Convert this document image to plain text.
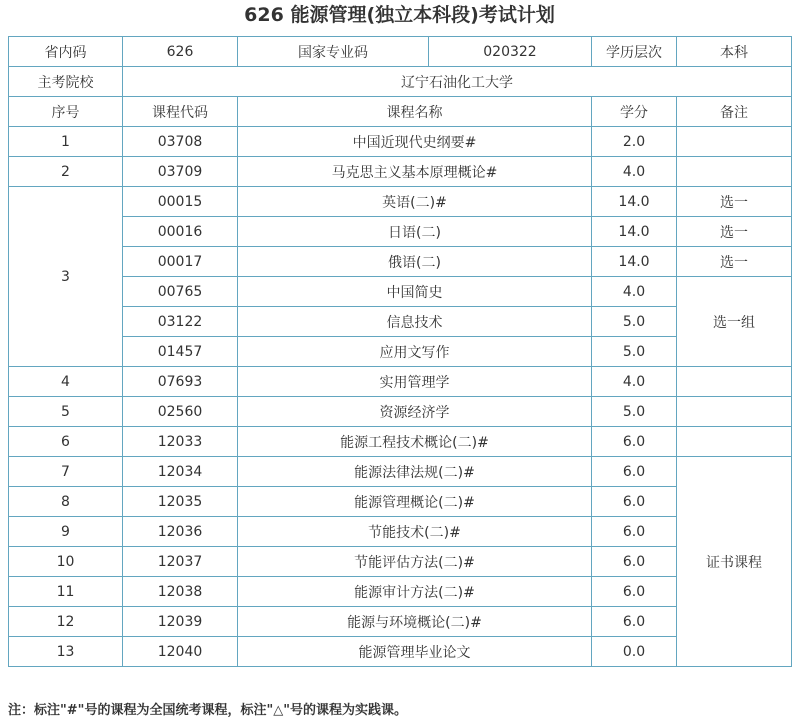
626 能源管理(独立本科段)考试计划
省内码	626	国家专业码	020322	学历层次	本科
主考院校	辽宁石油化工大学				
序号	课程代码	课程名称		学分	备注
1	03708	中国近现代史纲要#		2.0	
2	03709	马克思主义基本原理概论#		4.0	
3	00015	英语(二)#		14.0	选一
	00016	日语(二)		14.0	选一
	00017	俄语(二)		14.0	选一
	00765	中国简史		4.0	选一组
	03122	信息技术		5.0	
	01457	应用文写作		5.0	
4	07693	实用管理学		4.0	
5	02560	资源经济学		5.0	
6	12033	能源工程技术概论(二)#		6.0	
7	12034	能源法律法规(二)#		6.0	证书课程
8	12035	能源管理概论(二)#		6.0	
9	12036	节能技术(二)#		6.0	
10	12037	节能评估方法(二)#		6.0	
11	12038	能源审计方法(二)#		6.0	
12	12039	能源与环境概论(二)#		6.0	
13	12040	能源管理毕业论文		0.0	
注：标注"#"号的课程为全国统考课程，标注"△"号的课程为实践课。
